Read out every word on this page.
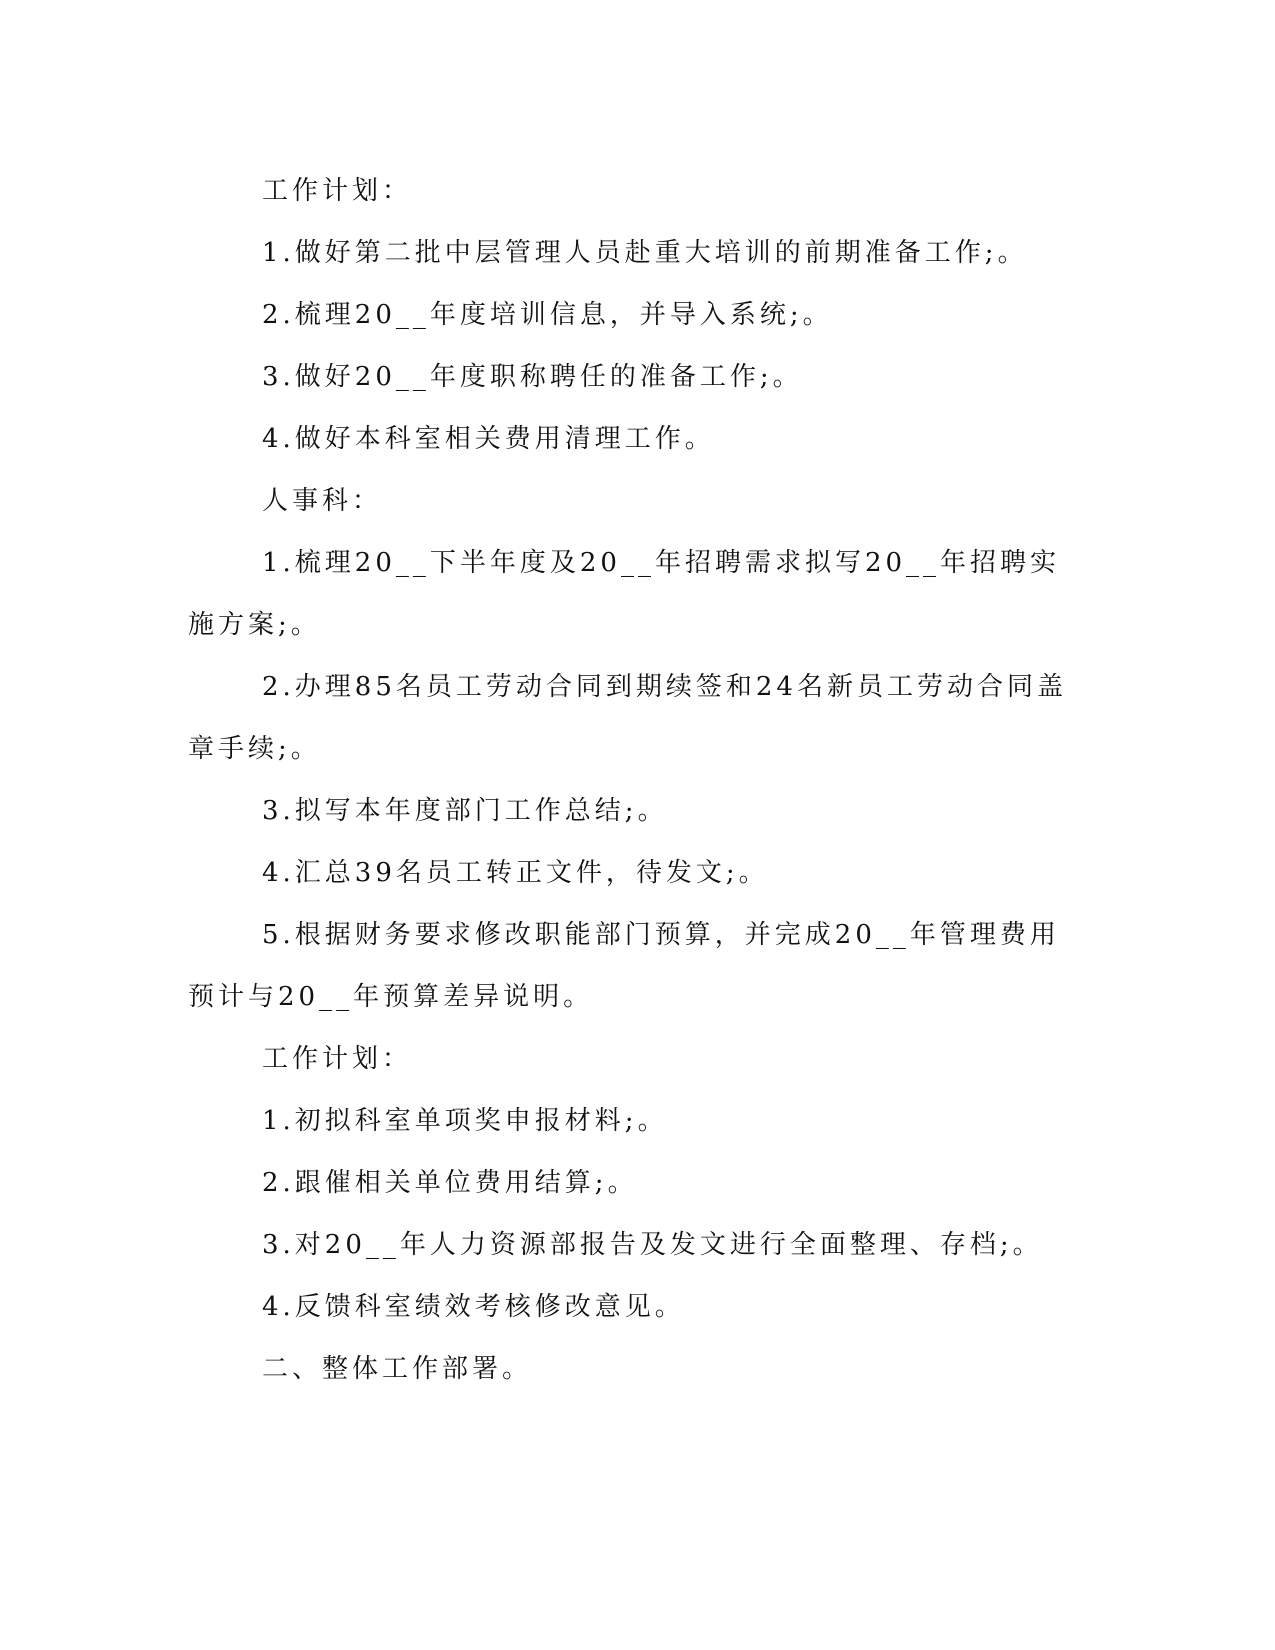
工作计划：

1.做好第二批中层管理人员赴重大培训的前期准备工作;。

2.梳理20__年度培训信息，并导入系统;。

3.做好20__年度职称聘任的准备工作;。

4.做好本科室相关费用清理工作。

人事科：

1.梳理20__下半年度及20__年招聘需求拟写20__年招聘实施方案;。

2.办理85名员工劳动合同到期续签和24名新员工劳动合同盖章手续;。

3.拟写本年度部门工作总结;。

4.汇总39名员工转正文件，待发文;。

5.根据财务要求修改职能部门预算，并完成20__年管理费用预计与20__年预算差异说明。

工作计划：

1.初拟科室单项奖申报材料;。

2.跟催相关单位费用结算;。

3.对20__年人力资源部报告及发文进行全面整理、存档;。

4.反馈科室绩效考核修改意见。

二、整体工作部署。
